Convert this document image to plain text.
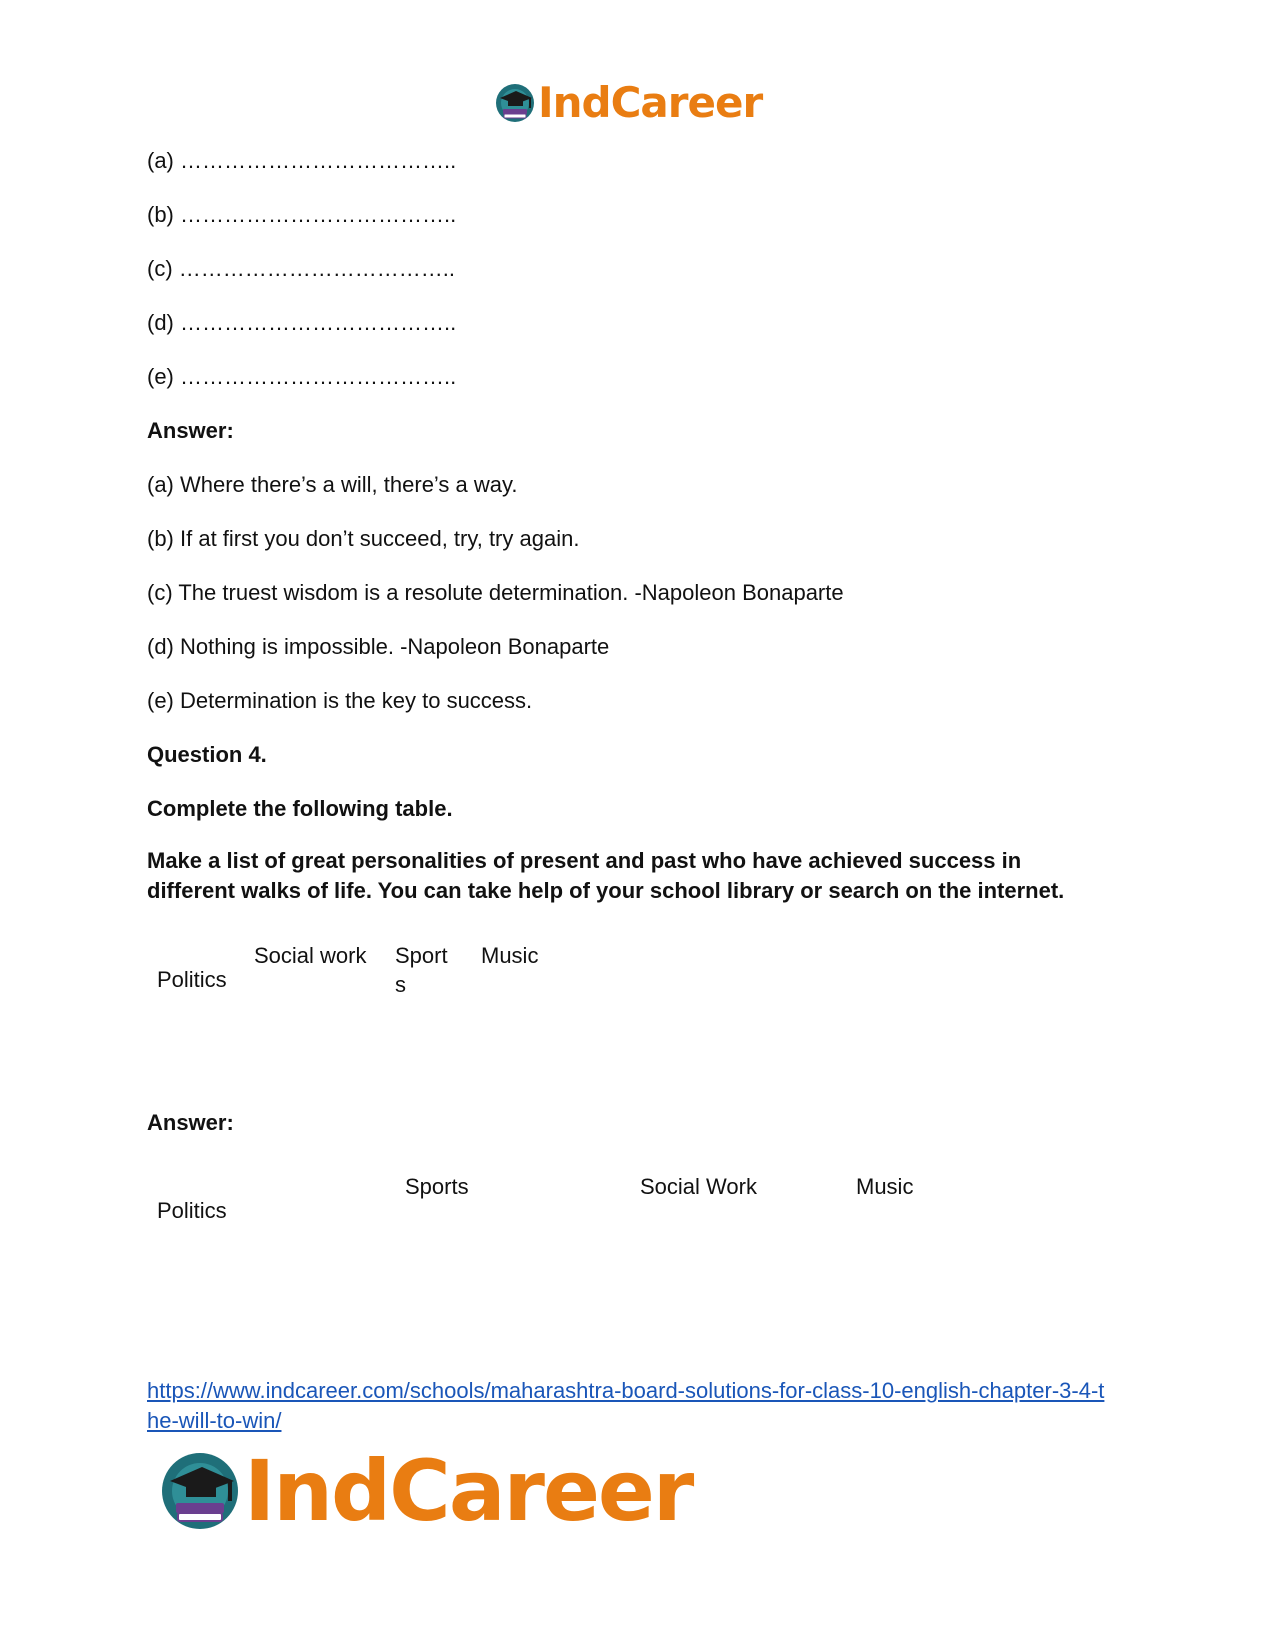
IndCareer
(a) ………………………………..
(b) ………………………………..
(c) ………………………………..
(d) ………………………………..
(e) ………………………………..
Answer:
(a) Where there’s a will, there’s a way.
(b) If at first you don’t succeed, try, try again.
(c) The truest wisdom is a resolute determination. -Napoleon Bonaparte
(d) Nothing is impossible. -Napoleon Bonaparte
(e) Determination is the key to success.
Question 4.
Complete the following table.
Make a list of great personalities of present and past who have achieved success in different walks of life. You can take help of your school library or search on the internet.
Politics
Social work Sport
s
Music
Answer:
Politics
Sports	Social Work	Music
https://www.indcareer.com/schools/maharashtra-board-solutions-for-class-10-english-chapter-3-4-the-will-to-win/
IndCareer
